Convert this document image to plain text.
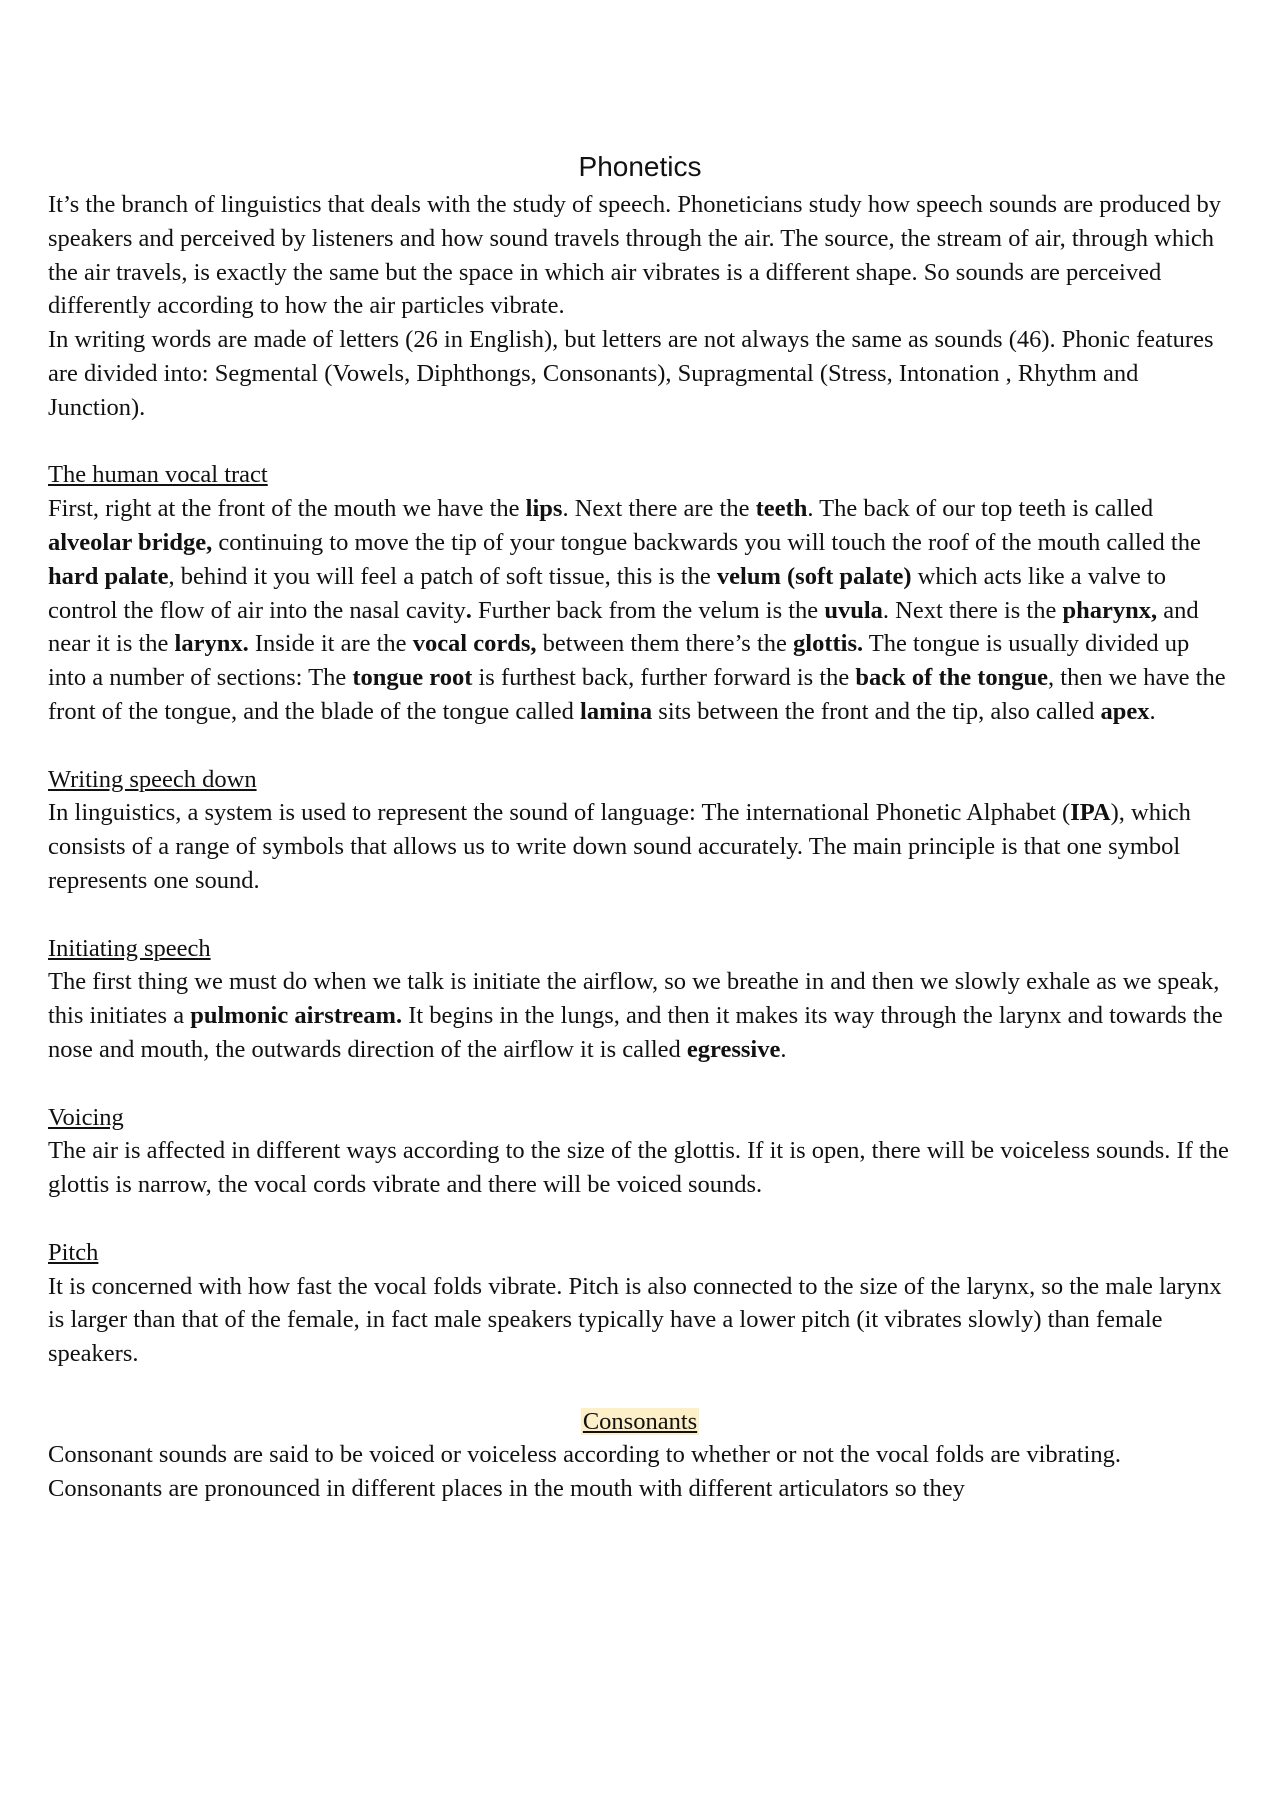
Phonetics

It’s the branch of linguistics that deals with the study of speech. Phoneticians study how speech sounds are produced by speakers and perceived by listeners and how sound travels through the air. The source, the stream of air, through which the air travels, is exactly the same but the space in which air vibrates is a different shape. So sounds are perceived differently according to how the air particles vibrate.

In writing words are made of letters (26 in English), but letters are not always the same as sounds (46). Phonic features are divided into: Segmental (Vowels, Diphthongs, Consonants), Supragmental (Stress, Intonation , Rhythm and Junction).

The human vocal tract

First, right at the front of the mouth we have the lips. Next there are the teeth. The back of our top teeth is called alveolar bridge, continuing to move the tip of your tongue backwards you will touch the roof of the mouth called the hard palate, behind it you will feel a patch of soft tissue, this is the velum (soft palate) which acts like a valve to control the flow of air into the nasal cavity. Further back from the velum is the uvula. Next there is the pharynx, and near it is the larynx. Inside it are the vocal cords, between them there’s the glottis. The tongue is usually divided up into a number of sections: The tongue root is furthest back, further forward is the back of the tongue, then we have the front of the tongue, and the blade of the tongue called lamina sits between the front and the tip, also called apex.

Writing speech down

In linguistics, a system is used to represent the sound of language: The international Phonetic Alphabet (IPA), which consists of a range of symbols that allows us to write down sound accurately. The main principle is that one symbol represents one sound.

Initiating speech

The first thing we must do when we talk is initiate the airflow, so we breathe in and then we slowly exhale as we speak, this initiates a pulmonic airstream. It begins in the lungs, and then it makes its way through the larynx and towards the nose and mouth, the outwards direction of the airflow it is called egressive.

Voicing

The air is affected in different ways according to the size of the glottis. If it is open, there will be voiceless sounds. If the glottis is narrow, the vocal cords vibrate and there will be voiced sounds.

Pitch

It is concerned with how fast the vocal folds vibrate. Pitch is also connected to the size of the larynx, so the male larynx is larger than that of the female, in fact male speakers typically have a lower pitch (it vibrates slowly) than female speakers.

Consonants

Consonant sounds are said to be voiced or voiceless according to whether or not the vocal folds are vibrating. Consonants are pronounced in different places in the mouth with different articulators so they
